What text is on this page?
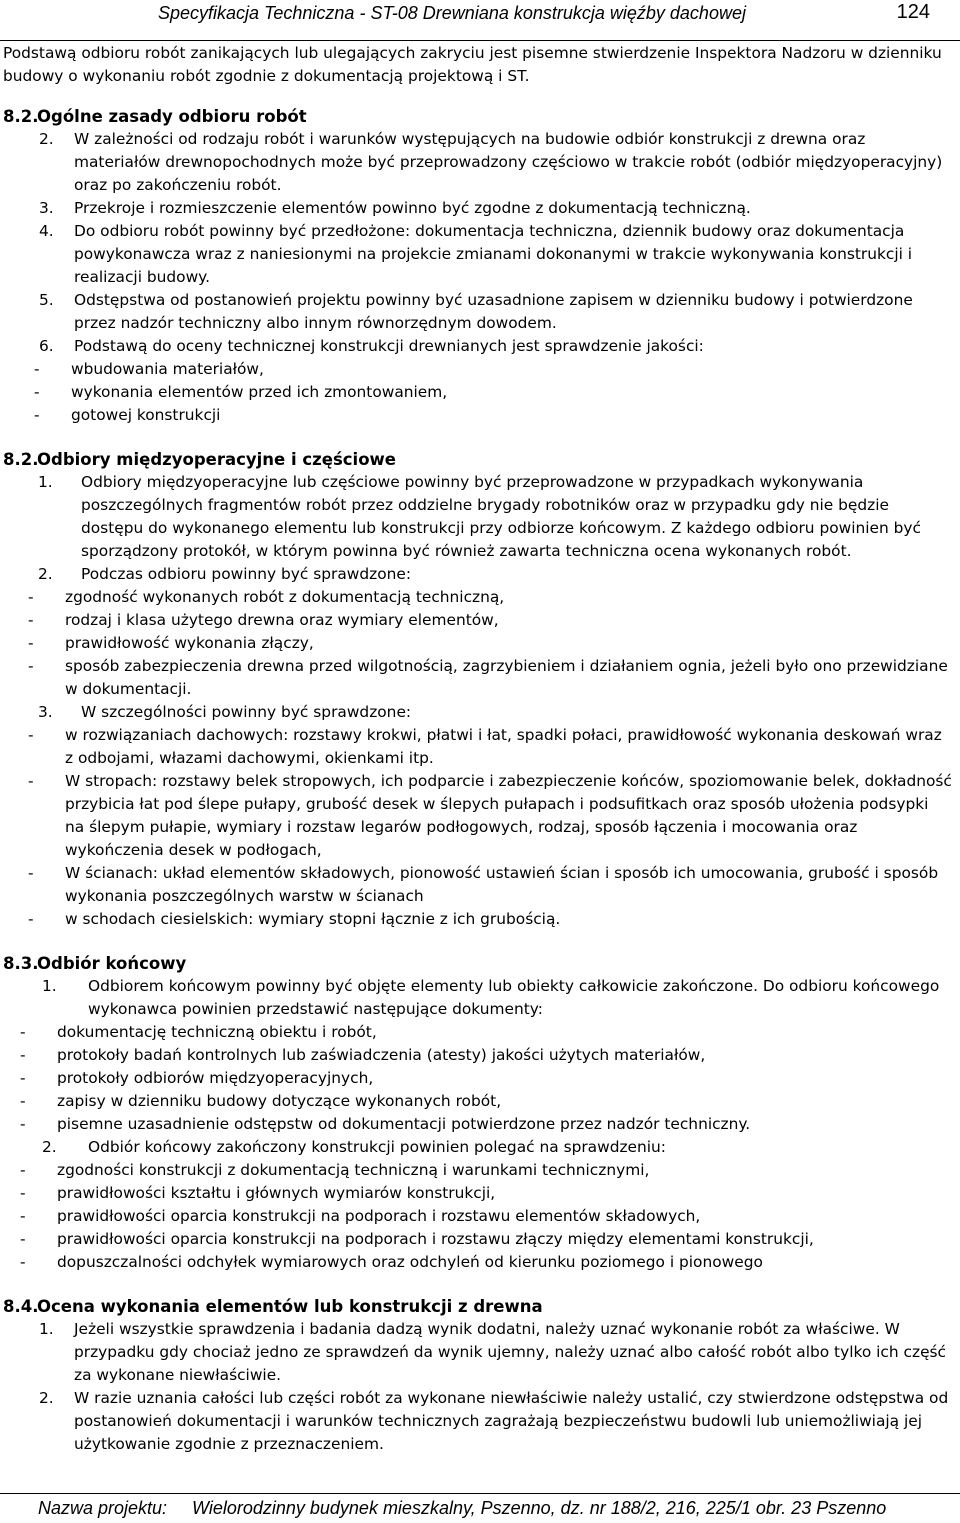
Specyfikacja Techniczna - ST-08 Drewniana konstrukcja więźby dachowej	124

Podstawą odbioru robót zanikających lub ulegających zakryciu jest pisemne stwierdzenie Inspektora Nadzoru w dzienniku budowy o wykonaniu robót zgodnie z dokumentacją projektową i ST.

8.2.Ogólne zasady odbioru robót
2. W zależności od rodzaju robót i warunków występujących na budowie odbiór konstrukcji z drewna oraz materiałów drewnopochodnych może być przeprowadzony częściowo w trakcie robót (odbiór międzyoperacyjny) oraz po zakończeniu robót.
3. Przekroje i rozmieszczenie elementów powinno być zgodne z dokumentacją techniczną.
4. Do odbioru robót powinny być przedłożone: dokumentacja techniczna, dziennik budowy oraz dokumentacja powykonawcza wraz z naniesionymi na projekcie zmianami dokonanymi w trakcie wykonywania konstrukcji i realizacji budowy.
5. Odstępstwa od postanowień projektu powinny być uzasadnione zapisem w dzienniku budowy i potwierdzone przez nadzór techniczny albo innym równorzędnym dowodem.
6. Podstawą do oceny technicznej konstrukcji drewnianych jest sprawdzenie jakości:
- wbudowania materiałów,
- wykonania elementów przed ich zmontowaniem,
- gotowej konstrukcji
8.2.Odbiory międzyoperacyjne i częściowe
1. Odbiory międzyoperacyjne lub częściowe powinny być przeprowadzone w przypadkach wykonywania poszczególnych fragmentów robót przez oddzielne brygady robotników oraz w przypadku gdy nie będzie dostępu do wykonanego elementu lub konstrukcji przy odbiorze końcowym. Z każdego odbioru powinien być sporządzony protokół, w którym powinna być również zawarta techniczna ocena wykonanych robót.
2. Podczas odbioru powinny być sprawdzone:
- zgodność wykonanych robót z dokumentacją techniczną,
- rodzaj i klasa użytego drewna oraz wymiary elementów,
- prawidłowość wykonania złączy,
- sposób zabezpieczenia drewna przed wilgotnością, zagrzybieniem i działaniem ognia, jeżeli było ono przewidziane w dokumentacji.
3. W szczególności powinny być sprawdzone:
- w rozwiązaniach dachowych: rozstawy krokwi, płatwi i łat, spadki połaci, prawidłowość wykonania deskowań wraz z odbojami, włazami dachowymi, okienkami itp.
- W stropach: rozstawy belek stropowych, ich podparcie i zabezpieczenie końców, spoziomowanie belek, dokładność przybicia łat pod ślepe pułapy, grubość desek w ślepych pułapach i podsufitkach oraz sposób ułożenia podsypki na ślepym pułapie, wymiary i rozstaw legarów podłogowych, rodzaj, sposób łączenia i mocowania oraz wykończenia desek w podłogach,
- W ścianach: układ elementów składowych, pionowość ustawień ścian i sposób ich umocowania, grubość i sposób wykonania poszczególnych warstw w ścianach
- w schodach ciesielskich: wymiary stopni łącznie z ich grubością.
8.3.Odbiór końcowy
1. Odbiorem końcowym powinny być objęte elementy lub obiekty całkowicie zakończone. Do odbioru końcowego wykonawca powinien przedstawić następujące dokumenty:
- dokumentację techniczną obiektu i robót,
- protokoły badań kontrolnych lub zaświadczenia (atesty) jakości użytych materiałów,
- protokoły odbiorów międzyoperacyjnych,
- zapisy w dzienniku budowy dotyczące wykonanych robót,
- pisemne uzasadnienie odstępstw od dokumentacji potwierdzone przez nadzór techniczny.
2. Odbiór końcowy zakończony konstrukcji powinien polegać na sprawdzeniu:
- zgodności konstrukcji z dokumentacją techniczną i warunkami technicznymi,
- prawidłowości kształtu i głównych wymiarów konstrukcji,
- prawidłowości oparcia konstrukcji na podporach i rozstawu elementów składowych,
- prawidłowości oparcia konstrukcji na podporach i rozstawu złączy między elementami konstrukcji,
- dopuszczalności odchyłek wymiarowych oraz odchyleń od kierunku poziomego i pionowego
8.4.Ocena wykonania elementów lub konstrukcji z drewna
1. Jeżeli wszystkie sprawdzenia i badania dadzą wynik dodatni, należy uznać wykonanie robót za właściwe. W przypadku gdy chociaż jedno ze sprawdzeń da wynik ujemny, należy uznać albo całość robót albo tylko ich część za wykonane niewłaściwie.
2. W razie uznania całości lub części robót za wykonane niewłaściwie należy ustalić, czy stwierdzone odstępstwa od postanowień dokumentacji i warunków technicznych zagrażają bezpieczeństwu budowli lub uniemożliwiają jej użytkowanie zgodnie z przeznaczeniem.
Nazwa projektu: Wielorodzinny budynek mieszkalny, Pszenno, dz. nr 188/2, 216, 225/1 obr. 23 Pszenno
